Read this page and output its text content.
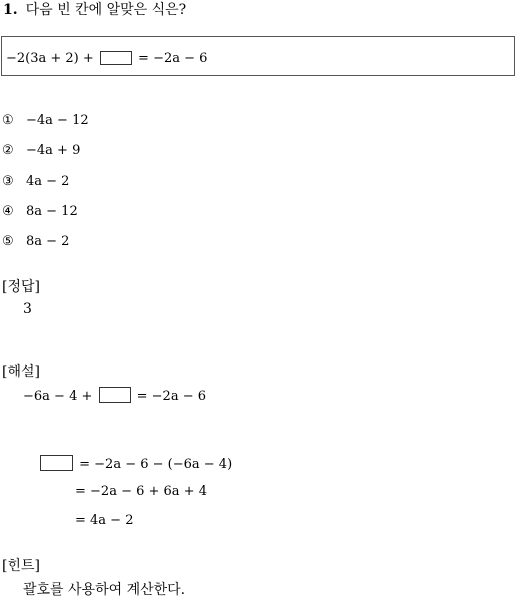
1. 다음 빈 칸에 알맞은 식은?
−2(3a + 2) +	= −2a − 6
① −4a − 12
② −4a + 9
③ 4a − 2
④ 8a − 12
⑤ 8a − 2
[정답]
3
[해설]
−6a − 4 +	= −2a − 6
= −2a − 6 − (−6a − 4)
= −2a − 6 + 6a + 4
= 4a − 2
[힌트]
괄호를 사용하여 계산한다.
